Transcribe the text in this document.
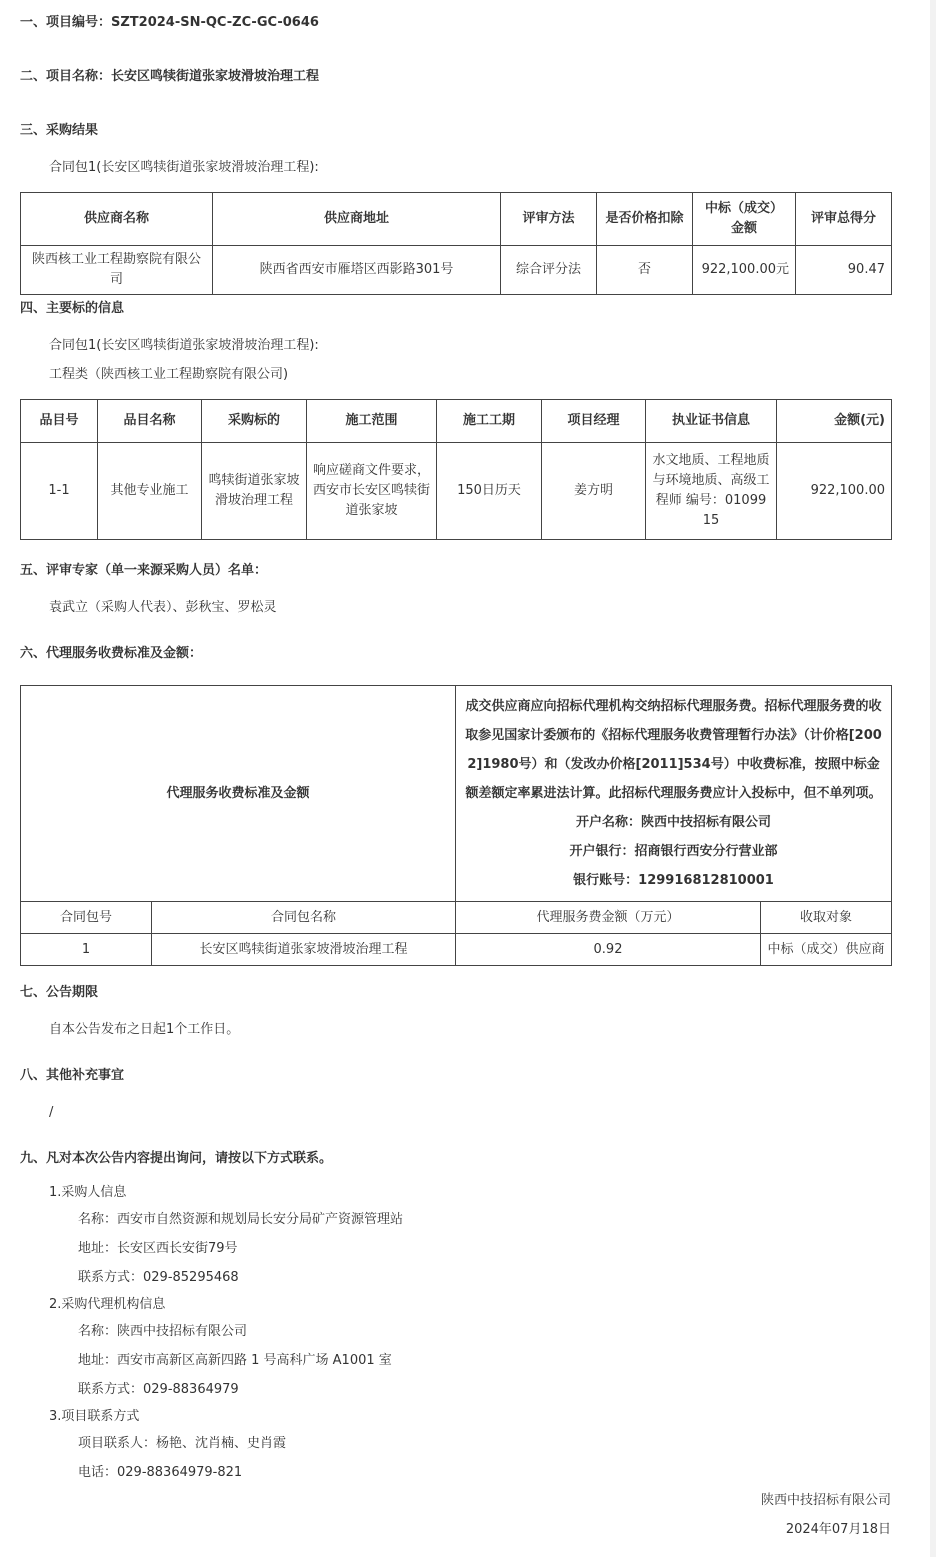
一、项目编号：SZT2024-SN-QC-ZC-GC-0646
二、项目名称：长安区鸣犊街道张家坡滑坡治理工程
三、采购结果
合同包1(长安区鸣犊街道张家坡滑坡治理工程):
供应商名称	供应商地址	评审方法	是否价格扣除	中标（成交）金额	评审总得分
陕西核工业工程勘察院有限公司	陕西省西安市雁塔区西影路301号	综合评分法	否	922,100.00元	90.47
四、主要标的信息
合同包1(长安区鸣犊街道张家坡滑坡治理工程):
工程类（陕西核工业工程勘察院有限公司)
品目号	品目名称	采购标的	施工范围	施工工期	项目经理	执业证书信息	金额(元)
1-1	其他专业施工	鸣犊街道张家坡滑坡治理工程	响应磋商文件要求，西安市长安区鸣犊街道张家坡	150日历天	姜方明	水文地质、工程地质与环境地质、高级工程师 编号：0109915	922,100.00
五、评审专家（单一来源采购人员）名单：
袁武立（采购人代表）、彭秋宝、罗松灵
六、代理服务收费标准及金额：
代理服务收费标准及金额		成交供应商应向招标代理机构交纳招标代理服务费。招标代理服务费的收取参见国家计委颁布的《招标代理服务收费管理暂行办法》（计价格[2002]1980号）和（发改办价格[2011]534号）中收费标准，按照中标金额差额定率累进法计算。此招标代理服务费应计入投标中，但不单列项。
开户名称：陕西中技招标有限公司
开户银行：招商银行西安分行营业部
银行账号：129916812810001	

合同包号	合同包名称	代理服务费金额（万元）	收取对象
1	长安区鸣犊街道张家坡滑坡治理工程	0.92	中标（成交）供应商
七、公告期限
自本公告发布之日起1个工作日。
八、其他补充事宜
/
九、凡对本次公告内容提出询问，请按以下方式联系。
1.采购人信息
名称：西安市自然资源和规划局长安分局矿产资源管理站
地址：长安区西长安街79号
联系方式：029-85295468
2.采购代理机构信息
名称：陕西中技招标有限公司
地址：西安市高新区高新四路 1 号高科广场 A1001 室
联系方式：029-88364979
3.项目联系方式
项目联系人：杨艳、沈肖楠、史肖霞
电话：029-88364979-821
陕西中技招标有限公司
2024年07月18日
